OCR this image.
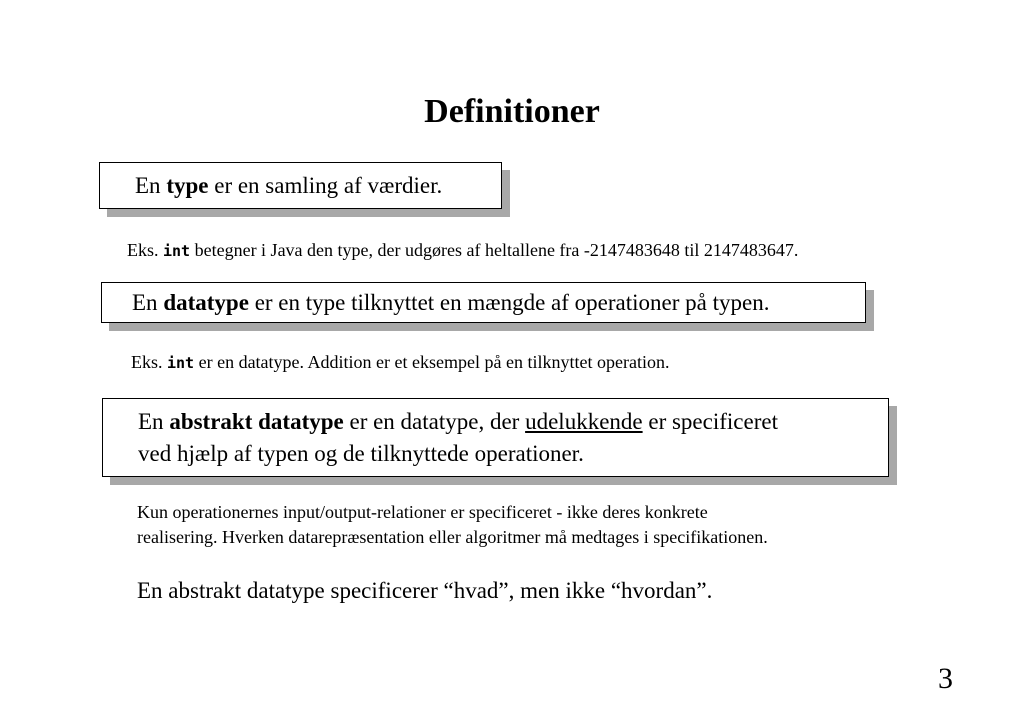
Definitioner
En type er en samling af værdier.
Eks. int betegner i Java den type, der udgøres af heltallene fra -2147483648 til 2147483647.
En datatype er en type tilknyttet en mængde af operationer på typen.
Eks. int er en datatype. Addition er et eksempel på en tilknyttet operation.
En abstrakt datatype er en datatype, der udelukkende er specificeret
ved hjælp af typen og de tilknyttede operationer.
Kun operationernes input/output-relationer er specificeret - ikke deres konkrete
realisering. Hverken datarepræsentation eller algoritmer må medtages i specifikationen.
En abstrakt datatype specificerer “hvad”, men ikke “hvordan”.
3
